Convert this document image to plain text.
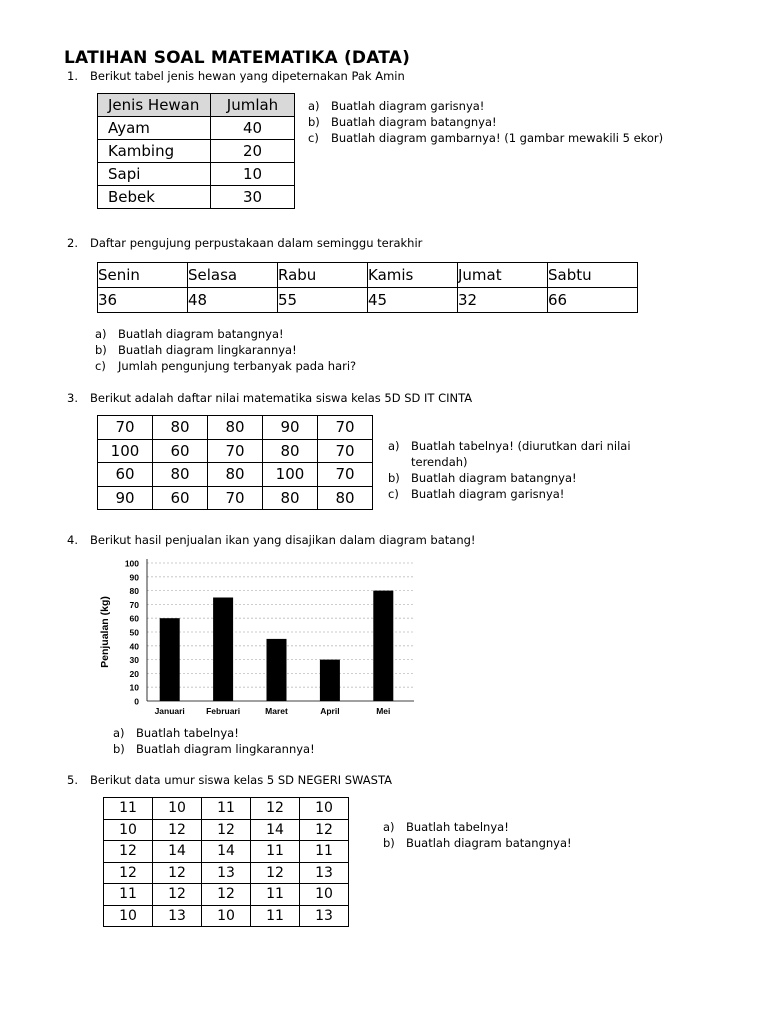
LATIHAN SOAL MATEMATIKA (DATA)
1. Berikut tabel jenis hewan yang dipeternakan Pak Amin
Jenis Hewan	Jumlah
Ayam	40
Kambing	20
Sapi	10
Bebek	30
a) Buatlah diagram garisnya!
b) Buatlah diagram batangnya!
c) Buatlah diagram gambarnya! (1 gambar mewakili 5 ekor)
2. Daftar pengujung perpustakaan dalam seminggu terakhir
Senin	Selasa	Rabu	Kamis	Jumat	Sabtu
36	48	55	45	32	66
a) Buatlah diagram batangnya!
b) Buatlah diagram lingkarannya!
c) Jumlah pengunjung terbanyak pada hari?
3. Berikut adalah daftar nilai matematika siswa kelas 5D SD IT CINTA
70	80	80	90	70
100	60	70	80	70
60	80	80	100	70
90	60	70	80	80
a) Buatlah tabelnya! (diurutkan dari nilai terendah)
b) Buatlah diagram batangnya!
c) Buatlah diagram garisnya!
4. Berikut hasil penjualan ikan yang disajikan dalam diagram batang!
0
10
20
30
40
50
60
70
80
90
100
Januari	Februari	Maret	April	Mei
Penjualan (kg)
a) Buatlah tabelnya!
b) Buatlah diagram lingkarannya!
5. Berikut data umur siswa kelas 5 SD NEGERI SWASTA
11	10	11	12	10
10	12	12	14	12
12	14	14	11	11
12	12	13	12	13
11	12	12	11	10
10	13	10	11	13
a) Buatlah tabelnya!
b) Buatlah diagram batangnya!
